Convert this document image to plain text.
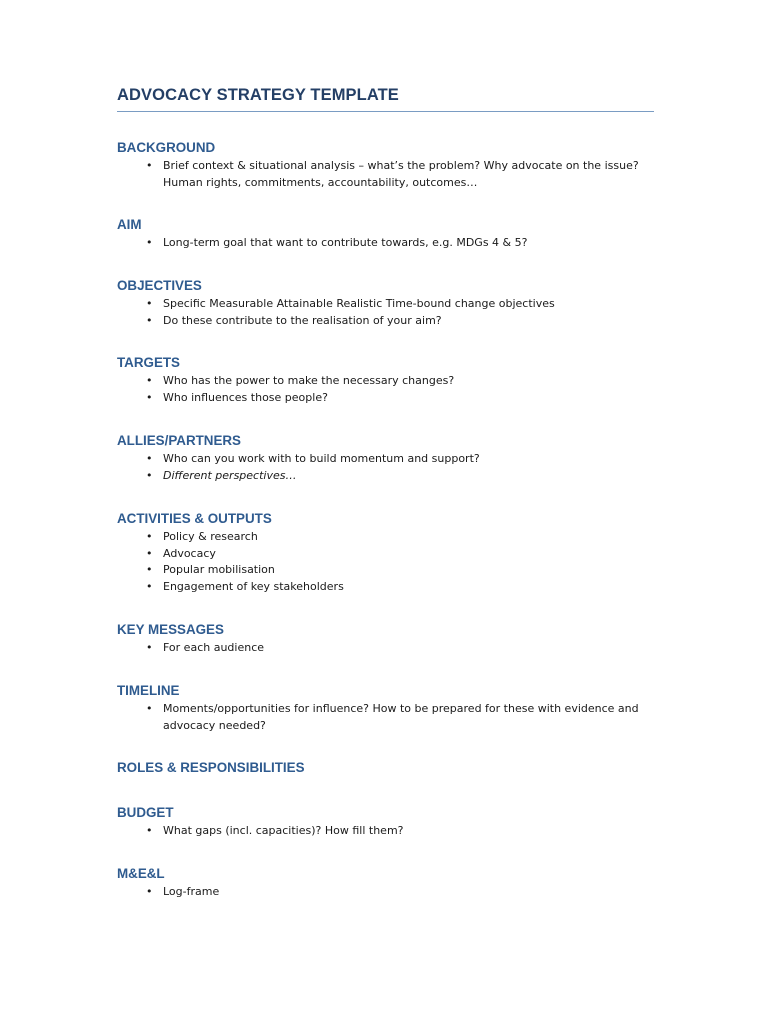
ADVOCACY STRATEGY TEMPLATE
BACKGROUND
• Brief context & situational analysis – what’s the problem? Why advocate on the issue? Human rights, commitments, accountability, outcomes…
AIM
• Long-term goal that want to contribute towards, e.g. MDGs 4 & 5?
OBJECTIVES
• Specific Measurable Attainable Realistic Time-bound change objectives
• Do these contribute to the realisation of your aim?
TARGETS
• Who has the power to make the necessary changes?
• Who influences those people?
ALLIES/PARTNERS
• Who can you work with to build momentum and support?
• Different perspectives…
ACTIVITIES & OUTPUTS
• Policy & research
• Advocacy
• Popular mobilisation
• Engagement of key stakeholders
KEY MESSAGES
• For each audience
TIMELINE
• Moments/opportunities for influence? How to be prepared for these with evidence and advocacy needed?
ROLES & RESPONSIBILITIES
BUDGET
• What gaps (incl. capacities)? How fill them?
M&E&L
• Log-frame
